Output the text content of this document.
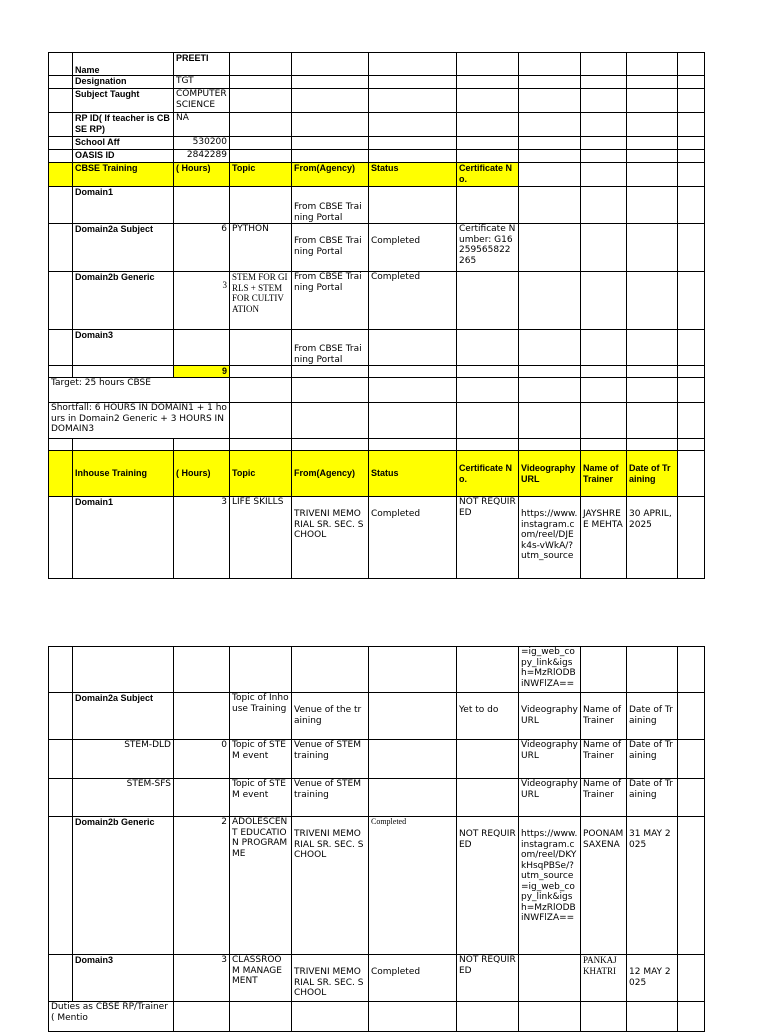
	Name	PREETI								
	Designation	TGT								
	Subject Taught	COMPUTER SCIENCE								
	RP ID( If teacher is CBSE RP)	NA								
	School Aff	530200								
	OASIS ID	2842289								
	CBSE Training	( Hours)	Topic	From(Agency)	Status	Certificate No.				
	Domain1			From CBSE Training Portal						
	Domain2a Subject	6	PYTHON	From CBSE Training Portal	Completed	Certificate Number: G16259565822265				
	Domain2b Generic	3	STEM FOR GIRLS + STEM FOR CULTIVATION	From CBSE Training Portal	Completed					
	Domain3			From CBSE Training Portal						
		9								
Target: 25 hours CBSE										
Shortfall: 6 HOURS IN DOMAIN1 + 1 hours in Domain2 Generic + 3 HOURS IN DOMAIN3										

	Inhouse Training	( Hours)	Topic	From(Agency)	Status	Certificate No.	Videography URL	Name of Trainer	Date of Training	
	Domain1	3	LIFE SKILLS	TRIVENI MEMORIAL SR. SEC. SCHOOL	Completed	NOT REQUIRED	https://www.instagram.com/reel/DJEk4s-vWkA/?utm_source	JAYSHREE MEHTA	30 APRIL,2025	
							=ig_web_copy_link&igsh=MzRlODBiNWFlZA==			
	Domain2a Subject		Topic of Inhouse Training	Venue of the training		Yet to do	Videography URL	Name of Trainer	Date of Training	
	STEM-DLD	0	Topic of STEM event	Venue of STEM training			Videography URL	Name of Trainer	Date of Training	
	STEM-SFS		Topic of STEM event	Venue of STEM training			Videography URL	Name of Trainer	Date of Training	
	Domain2b Generic	2	ADOLESCENT EDUCATION PROGRAMME	TRIVENI MEMORIAL SR. SEC. SCHOOL	Completed	NOT REQUIRED	https://www.instagram.com/reel/DKYkHsqPBSe/?utm_source=ig_web_copy_link&igsh=MzRlODBiNWFlZA==	POONAM SAXENA	31 MAY 2025	
	Domain3	3	CLASSROOM MANAGEMENT	TRIVENI MEMORIAL SR. SEC. SCHOOL	Completed	NOT REQUIRED		PANKAJ KHATRI	12 MAY 2025	
Duties as CBSE RP/Trainer( Mentio										
